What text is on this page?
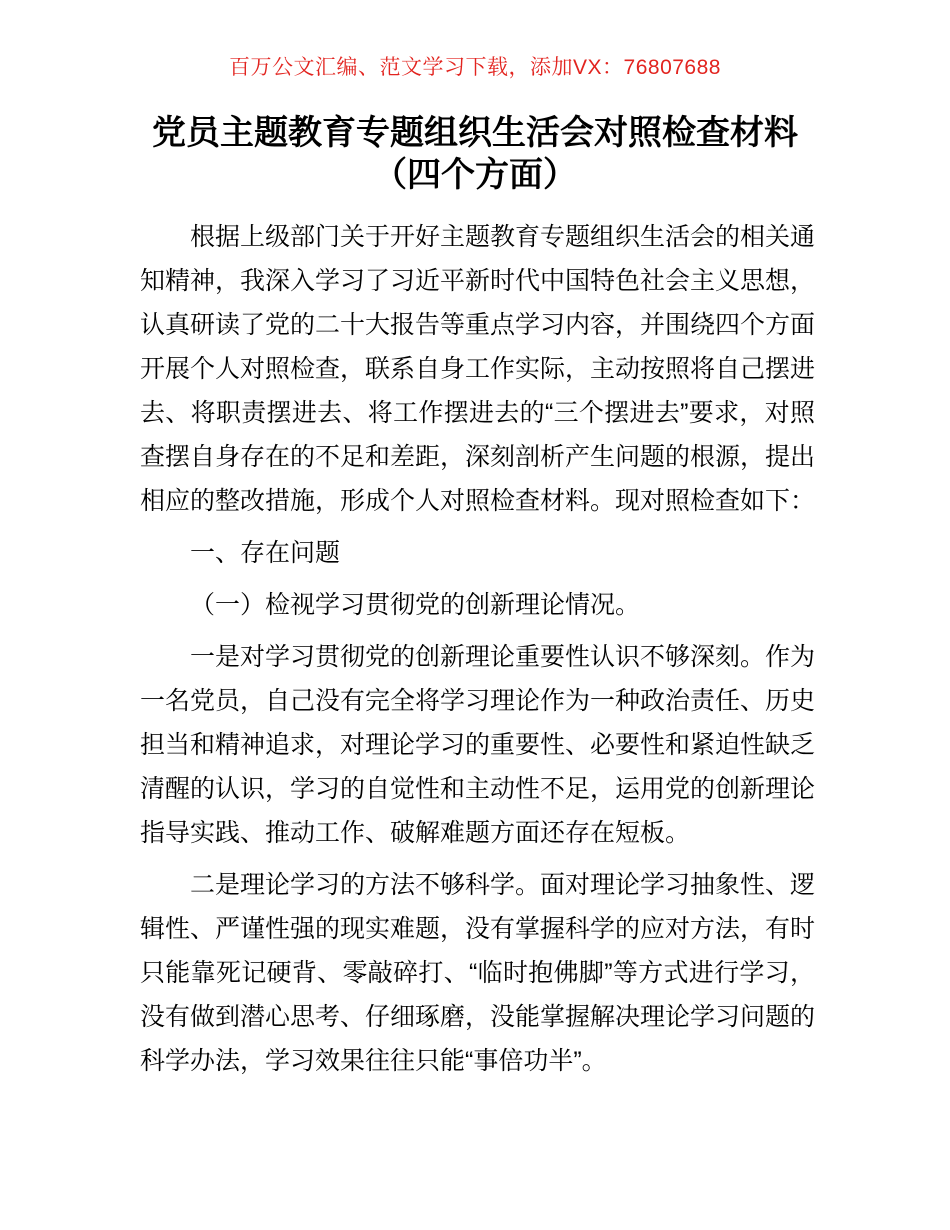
百万公文汇编、范文学习下载，添加VX：76807688
党员主题教育专题组织生活会对照检查材料
（四个方面）

根据上级部门关于开好主题教育专题组织生活会的相关通知精神，我深入学习了习近平新时代中国特色社会主义思想，认真研读了党的二十大报告等重点学习内容，并围绕四个方面开展个人对照检查，联系自身工作实际，主动按照将自己摆进去、将职责摆进去、将工作摆进去的“三个摆进去”要求，对照查摆自身存在的不足和差距，深刻剖析产生问题的根源，提出相应的整改措施，形成个人对照检查材料。现对照检查如下：

一、存在问题

（一）检视学习贯彻党的创新理论情况。

一是对学习贯彻党的创新理论重要性认识不够深刻。作为一名党员，自己没有完全将学习理论作为一种政治责任、历史担当和精神追求，对理论学习的重要性、必要性和紧迫性缺乏清醒的认识，学习的自觉性和主动性不足，运用党的创新理论指导实践、推动工作、破解难题方面还存在短板。

二是理论学习的方法不够科学。面对理论学习抽象性、逻辑性、严谨性强的现实难题，没有掌握科学的应对方法，有时只能靠死记硬背、零敲碎打、“临时抱佛脚”等方式进行学习，没有做到潜心思考、仔细琢磨，没能掌握解决理论学习问题的科学办法，学习效果往往只能“事倍功半”。
